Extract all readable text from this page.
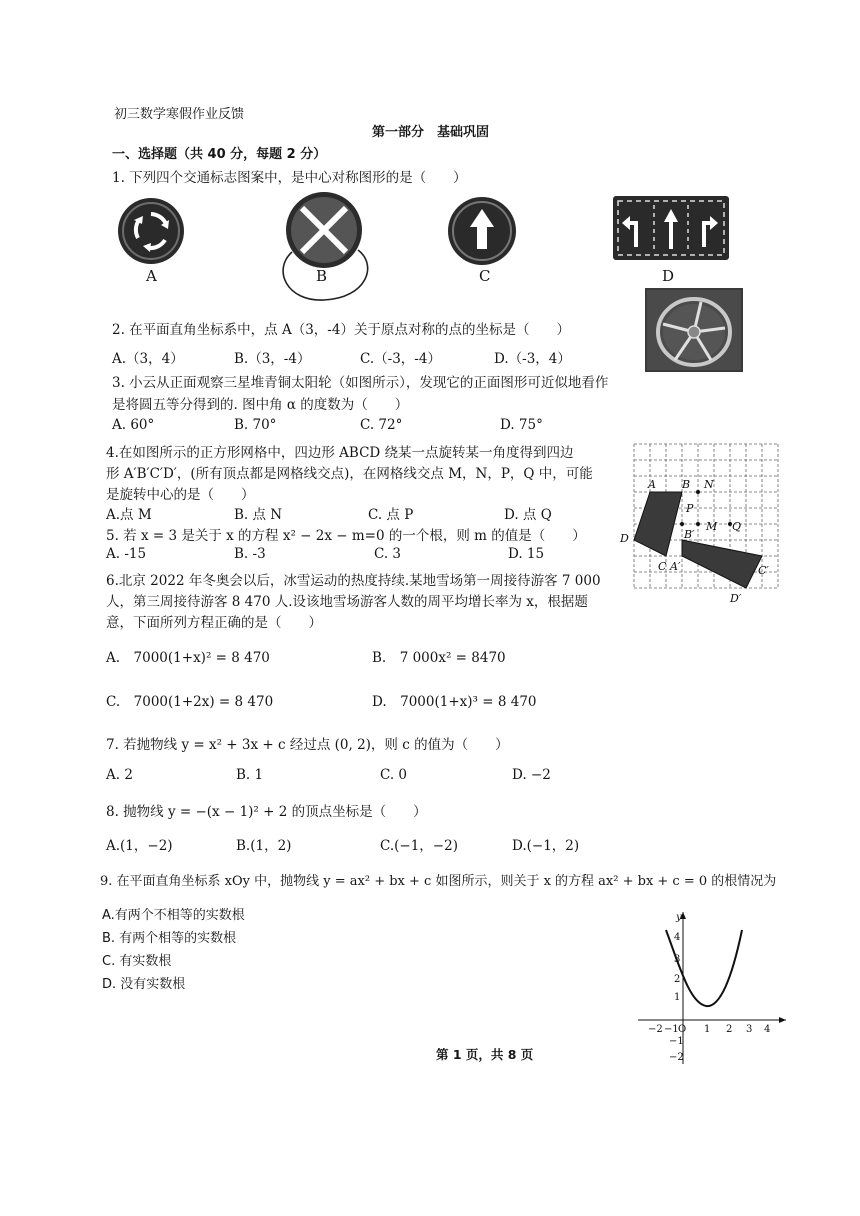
初三数学寒假作业反馈
第一部分　基础巩固
一、选择题（共 40 分，每题 2 分）
1. 下列四个交通标志图案中，是中心对称图形的是（　　）
A	B	C	D
2. 在平面直角坐标系中，点 A（3，-4）关于原点对称的点的坐标是（　　）
A.（3，4）	B.（3，-4）	C.（-3，-4）	D.（-3，4）
3. 小云从正面观察三星堆青铜太阳轮（如图所示），发现它的正面图形可近似地看作
是将圆五等分得到的. 图中角 α 的度数为（　　）
A. 60°	B. 70°	C. 72°	D. 75°
4.在如图所示的正方形网格中，四边形 ABCD 绕某一点旋转某一角度得到四边
形 A′B′C′D′，(所有顶点都是网格线交点)，在网格线交点 M，N，P，Q 中，可能
是旋转中心的是（　　）
A.点 M	B. 点 N	C. 点 P	D. 点 Q
A B N
P
M Q
B′
D
C A′	C′
D′
5. 若 x = 3 是关于 x 的方程 x² − 2x − m=0 的一个根，则 m 的值是（　　）
A. -15	B. -3	C. 3	D. 15
6.北京 2022 年冬奥会以后，冰雪运动的热度持续.某地雪场第一周接待游客 7 000
人，第三周接待游客 8 470 人.设该地雪场游客人数的周平均增长率为 x，根据题
意，下面所列方程正确的是（　　）
A.　7000(1+x)² = 8 470	B.　7 000x² = 8470
C.　7000(1+2x) = 8 470	D.　7000(1+x)³ = 8 470
7. 若抛物线 y = x² + 3x + c 经过点 (0, 2)，则 c 的值为（　　）
A. 2	B. 1	C. 0	D. −2
8. 抛物线 y = −(x − 1)² + 2 的顶点坐标是（　　）
A.(1，−2)	B.(1，2)	C.(−1，−2)	D.(−1，2)
9. 在平面直角坐标系 xOy 中，抛物线 y = ax² + bx + c 如图所示，则关于 x 的方程 ax² + bx + c = 0 的根情况为
A.有两个不相等的实数根
B. 有两个相等的实数根
C. 有实数根
D. 没有实数根
y
4
3
2
1
−2 −1 O 1 2 3 4
−1
−2
第 1 页，共 8 页
